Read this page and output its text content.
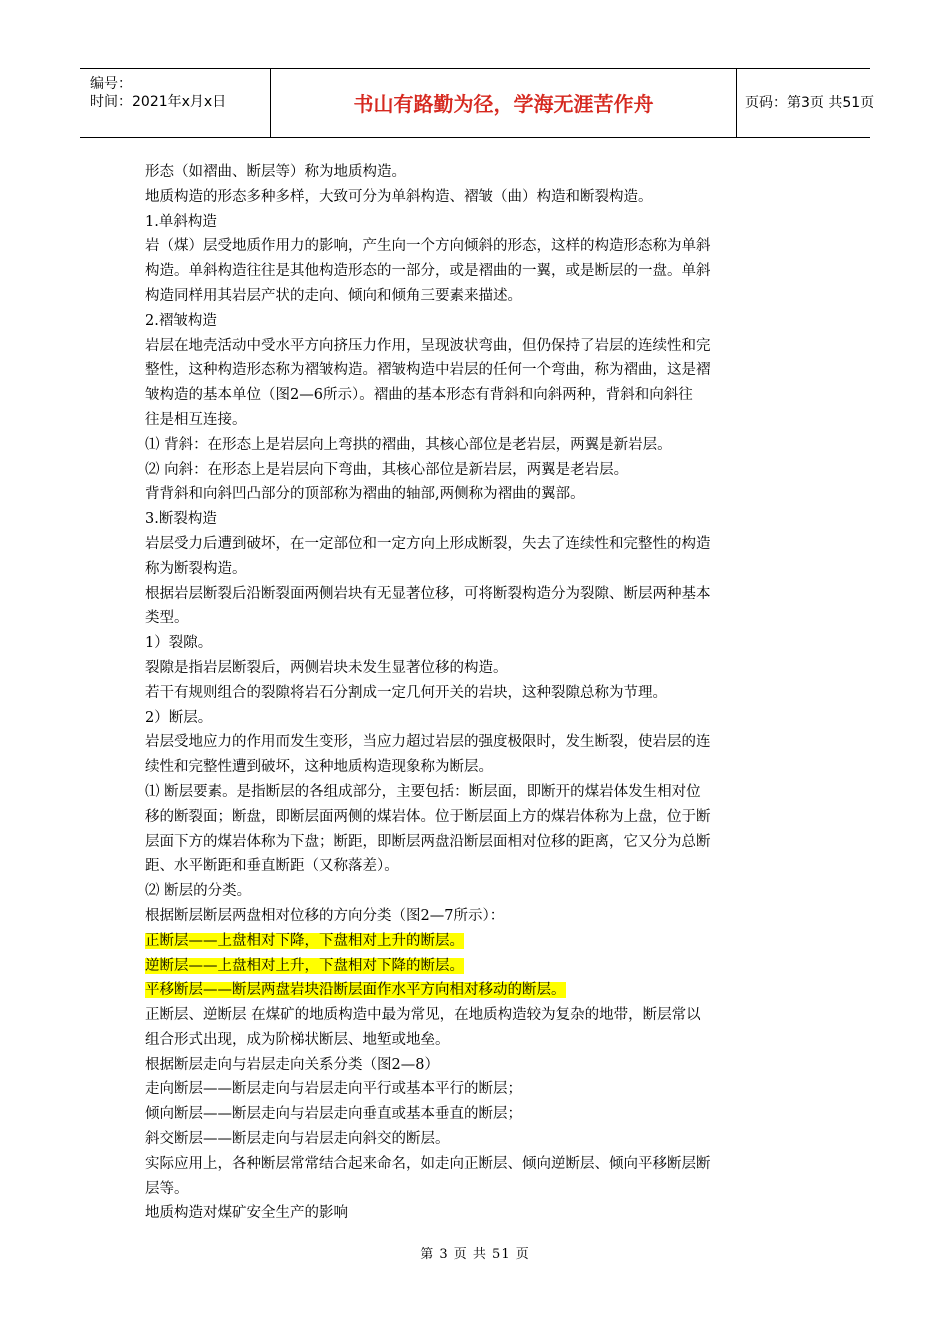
编号：
时间：2021年x月x日	书山有路勤为径，学海无涯苦作舟	页码：第3页 共51页
形态（如褶曲、断层等）称为地质构造。
地质构造的形态多种多样，大致可分为单斜构造、褶皱（曲）构造和断裂构造。
1.单斜构造
岩（煤）层受地质作用力的影响，产生向一个方向倾斜的形态，这样的构造形态称为单斜
构造。单斜构造往往是其他构造形态的一部分，或是褶曲的一翼，或是断层的一盘。单斜
构造同样用其岩层产状的走向、倾向和倾角三要素来描述。
2.褶皱构造
岩层在地壳活动中受水平方向挤压力作用，呈现波状弯曲，但仍保持了岩层的连续性和完
整性，这种构造形态称为褶皱构造。褶皱构造中岩层的任何一个弯曲，称为褶曲，这是褶
皱构造的基本单位（图2—6所示）。褶曲的基本形态有背斜和向斜两种，背斜和向斜往
往是相互连接。
⑴ 背斜：在形态上是岩层向上弯拱的褶曲，其核心部位是老岩层，两翼是新岩层。
⑵ 向斜：在形态上是岩层向下弯曲，其核心部位是新岩层，两翼是老岩层。
背背斜和向斜凹凸部分的顶部称为褶曲的轴部,两侧称为褶曲的翼部。
3.断裂构造
岩层受力后遭到破坏，在一定部位和一定方向上形成断裂，失去了连续性和完整性的构造
称为断裂构造。
根据岩层断裂后沿断裂面两侧岩块有无显著位移，可将断裂构造分为裂隙、断层两种基本
类型。
1）裂隙。
裂隙是指岩层断裂后，两侧岩块未发生显著位移的构造。
若干有规则组合的裂隙将岩石分割成一定几何开关的岩块，这种裂隙总称为节理。
2）断层。
岩层受地应力的作用而发生变形，当应力超过岩层的强度极限时，发生断裂，使岩层的连
续性和完整性遭到破坏，这种地质构造现象称为断层。
⑴ 断层要素。是指断层的各组成部分，主要包括：断层面，即断开的煤岩体发生相对位
移的断裂面；断盘，即断层面两侧的煤岩体。位于断层面上方的煤岩体称为上盘，位于断
层面下方的煤岩体称为下盘；断距，即断层两盘沿断层面相对位移的距离，它又分为总断
距、水平断距和垂直断距（又称落差）。
⑵ 断层的分类。
根据断层断层两盘相对位移的方向分类（图2—7所示）：
正断层——上盘相对下降，下盘相对上升的断层。
逆断层——上盘相对上升，下盘相对下降的断层。
平移断层——断层两盘岩块沿断层面作水平方向相对移动的断层。
正断层、逆断层 在煤矿的地质构造中最为常见，在地质构造较为复杂的地带，断层常以
组合形式出现，成为阶梯状断层、地堑或地垒。
根据断层走向与岩层走向关系分类（图2—8）
走向断层——断层走向与岩层走向平行或基本平行的断层；
倾向断层——断层走向与岩层走向垂直或基本垂直的断层；
斜交断层——断层走向与岩层走向斜交的断层。
实际应用上，各种断层常常结合起来命名，如走向正断层、倾向逆断层、倾向平移断层断
层等。
地质构造对煤矿安全生产的影响
第 3 页 共 51 页
